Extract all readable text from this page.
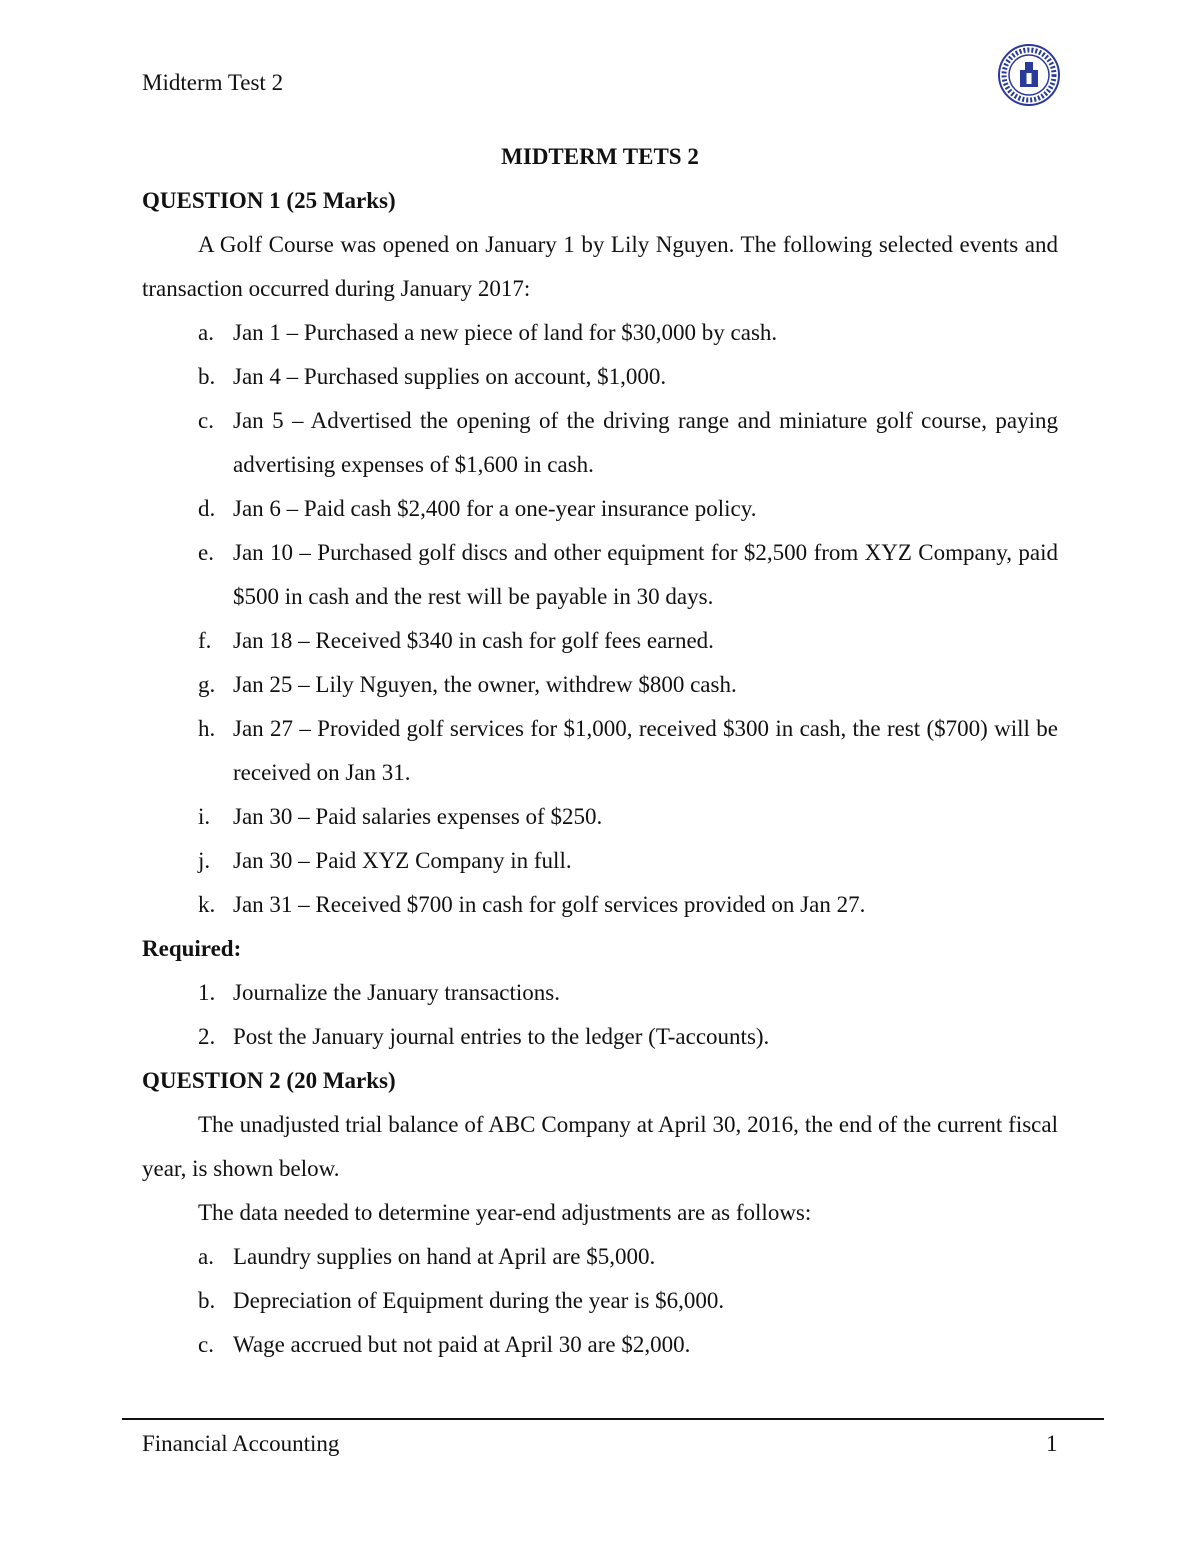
Midterm Test 2
MIDTERM TETS 2
QUESTION 1 (25 Marks)

A Golf Course was opened on January 1 by Lily Nguyen. The following selected events and transaction occurred during January 2017:

a. Jan 1 – Purchased a new piece of land for $30,000 by cash.
b. Jan 4 – Purchased supplies on account, $1,000.
c. Jan 5 – Advertised the opening of the driving range and miniature golf course, paying advertising expenses of $1,600 in cash.
d. Jan 6 – Paid cash $2,400 for a one-year insurance policy.
e. Jan 10 – Purchased golf discs and other equipment for $2,500 from XYZ Company, paid $500 in cash and the rest will be payable in 30 days.
f. Jan 18 – Received $340 in cash for golf fees earned.
g. Jan 25 – Lily Nguyen, the owner, withdrew $800 cash.
h. Jan 27 – Provided golf services for $1,000, received $300 in cash, the rest ($700) will be received on Jan 31.
i. Jan 30 – Paid salaries expenses of $250.
j. Jan 30 – Paid XYZ Company in full.
k. Jan 31 – Received $700 in cash for golf services provided on Jan 27.
Required:
1. Journalize the January transactions.
2. Post the January journal entries to the ledger (T-accounts).
QUESTION 2 (20 Marks)

The unadjusted trial balance of ABC Company at April 30, 2016, the end of the current fiscal year, is shown below.

The data needed to determine year-end adjustments are as follows:

a. Laundry supplies on hand at April are $5,000.
b. Depreciation of Equipment during the year is $6,000.
c. Wage accrued but not paid at April 30 are $2,000.
Financial Accounting	1
